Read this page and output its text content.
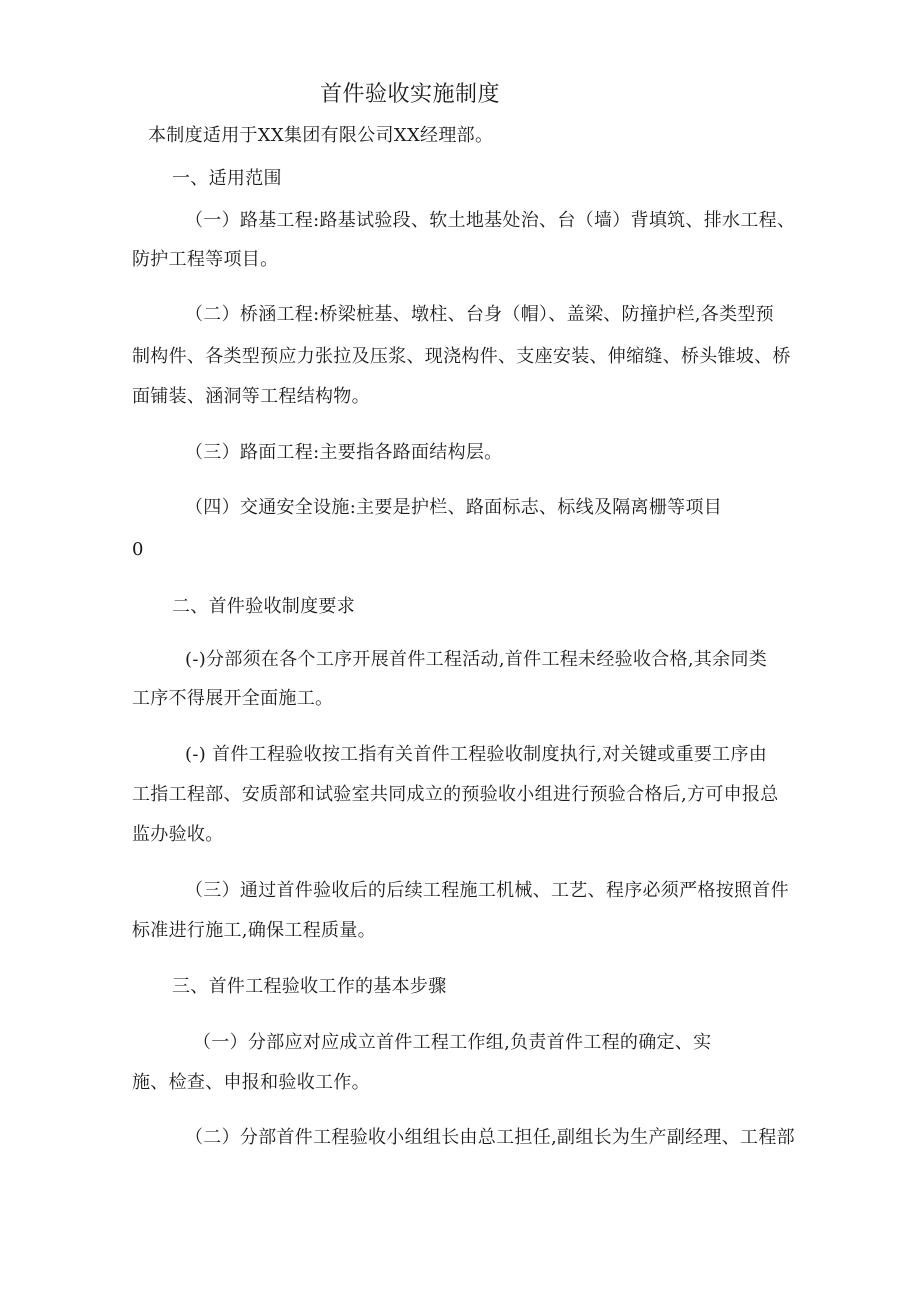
首件验收实施制度
本制度适用于XX集团有限公司XX经理部。
一、适用范围
（一）路基工程:路基试验段、软土地基处治、台（墙）背填筑、排水工程、
防护工程等项目。
（二）桥涵工程:桥梁桩基、墩柱、台身（帽）、盖梁、防撞护栏,各类型预
制构件、各类型预应力张拉及压浆、现浇构件、支座安装、伸缩缝、桥头锥坡、桥
面铺装、涵洞等工程结构物。
（三）路面工程:主要指各路面结构层。
（四）交通安全设施:主要是护栏、路面标志、标线及隔离栅等项目
0
二、首件验收制度要求
(-)分部须在各个工序开展首件工程活动,首件工程未经验收合格,其余同类
工序不得展开全面施工。
(-) 首件工程验收按工指有关首件工程验收制度执行,对关键或重要工序由
工指工程部、安质部和试验室共同成立的预验收小组进行预验合格后,方可申报总
监办验收。
（三）通过首件验收后的后续工程施工机械、工艺、程序必须严格按照首件
标准进行施工,确保工程质量。
三、首件工程验收工作的基本步骤
（一）分部应对应成立首件工程工作组,负责首件工程的确定、实
施、检查、申报和验收工作。
（二）分部首件工程验收小组组长由总工担任,副组长为生产副经理、工程部
